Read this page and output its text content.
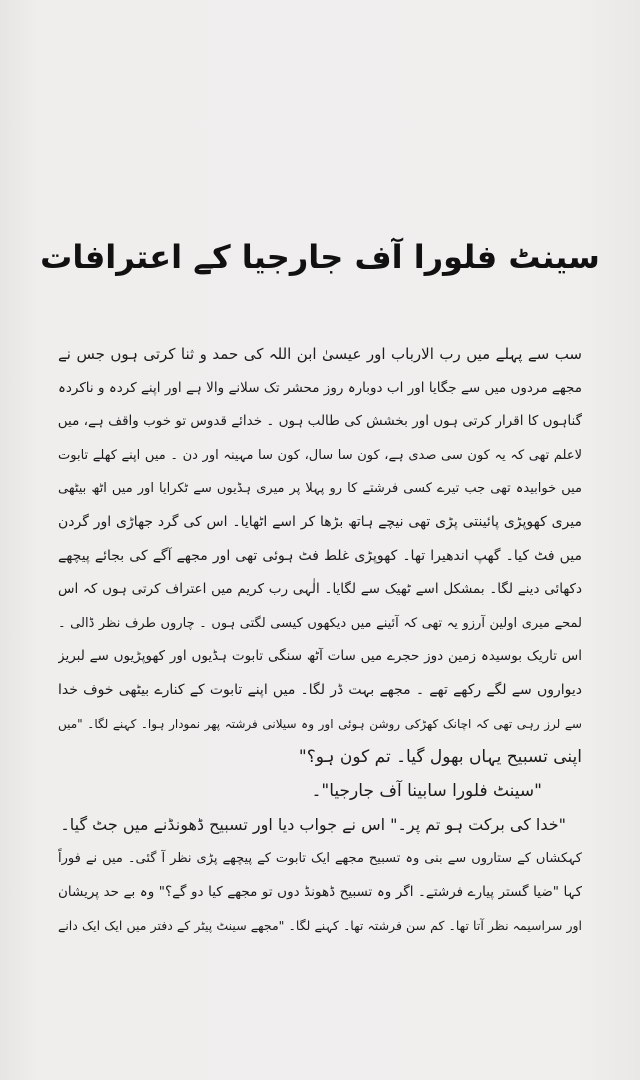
سینٹ فلورا آف جارجیا کے اعترافات
سب سے پہلے میں رب الارباب اور عیسیٰ ابن اللہ کی حمد و ثنا کرتی ہوں جس نے
مجھے مردوں میں سے جگایا اور اب دوبارہ روز محشر تک سلانے والا ہے اور اپنے کردہ و ناکردہ
گناہوں کا اقرار کرتی ہوں اور بخشش کی طالب ہوں ۔ خدائے قدوس تو خوب واقف ہے، میں
لاعلم تھی کہ یہ کون سی صدی ہے، کون سا سال، کون سا مہینہ اور دن ۔ میں اپنے کھلے تابوت
میں خوابیدہ تھی جب تیرے کسی فرشتے کا رو پہلا پر میری ہڈیوں سے ٹکرایا اور میں اٹھ بیٹھی
میری کھوپڑی پائینتی پڑی تھی نیچے ہاتھ بڑھا کر اسے اٹھایا۔ اس کی گرد جھاڑی اور گردن
میں فٹ کیا۔ گھپ اندھیرا تھا۔ کھوپڑی غلط فٹ ہوئی تھی اور مجھے آگے کی بجائے پیچھے
دکھائی دینے لگا۔ بمشکل اسے ٹھیک سے لگایا۔ الٰہی رب کریم میں اعتراف کرتی ہوں کہ اس
لمحے میری اولین آرزو یہ تھی کہ آئینے میں دیکھوں کیسی لگتی ہوں ۔ چاروں طرف نظر ڈالی ۔
اس تاریک بوسیدہ زمین دوز حجرے میں سات آٹھ سنگی تابوت ہڈیوں اور کھوپڑیوں سے لبریز
دیواروں سے لگے رکھے تھے ۔ مجھے بہت ڈر لگا۔ میں اپنے تابوت کے کنارے بیٹھی خوف خدا
سے لرز رہی تھی کہ اچانک کھڑکی روشن ہوئی اور وہ سیلانی فرشتہ پھر نمودار ہوا۔ کہنے لگا۔ "میں
اپنی تسبیح یہاں بھول گیا۔ تم کون ہو؟"
"سینٹ فلورا سابینا آف جارجیا"۔
"خدا کی برکت ہو تم پر۔" اس نے جواب دیا اور تسبیح ڈھونڈنے میں جٹ گیا۔
کہکشاں کے ستاروں سے بنی وہ تسبیح مجھے ایک تابوت کے پیچھے پڑی نظر آ گئی۔ میں نے فوراً
کہا "ضیا گستر پیارے فرشتے۔ اگر وہ تسبیح ڈھونڈ دوں تو مجھے کیا دو گے؟" وہ بے حد پریشان
اور سراسیمہ نظر آتا تھا۔ کم سن فرشتہ تھا۔ کہنے لگا۔ "مجھے سینٹ پیٹر کے دفتر میں ایک ایک دانے
